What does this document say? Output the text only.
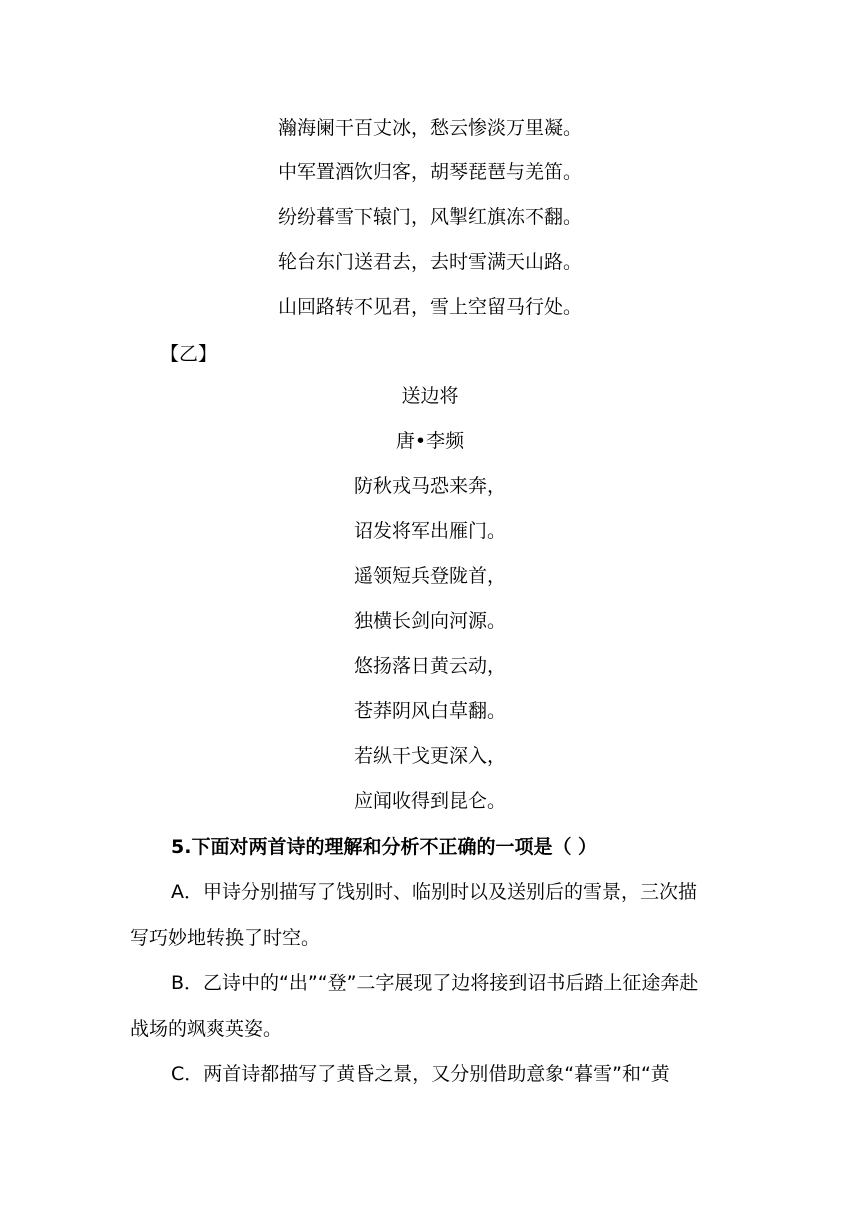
瀚海阑干百丈冰，愁云惨淡万里凝。
中军置酒饮归客，胡琴琵琶与羌笛。
纷纷暮雪下辕门，风掣红旗冻不翻。
轮台东门送君去，去时雪满天山路。
山回路转不见君，雪上空留马行处。
【乙】
送边将
唐•李频
防秋戎马恐来奔，
诏发将军出雁门。
遥领短兵登陇首，
独横长剑向河源。
悠扬落日黄云动，
苍莽阴风白草翻。
若纵干戈更深入，
应闻收得到昆仑。
5.下面对两首诗的理解和分析不正确的一项是（ ）
A．甲诗分别描写了饯别时、临别时以及送别后的雪景，三次描
写巧妙地转换了时空。
B．乙诗中的“出”“登”二字展现了边将接到诏书后踏上征途奔赴
战场的飒爽英姿。
C．两首诗都描写了黄昏之景，又分别借助意象“暮雪”和“黄
